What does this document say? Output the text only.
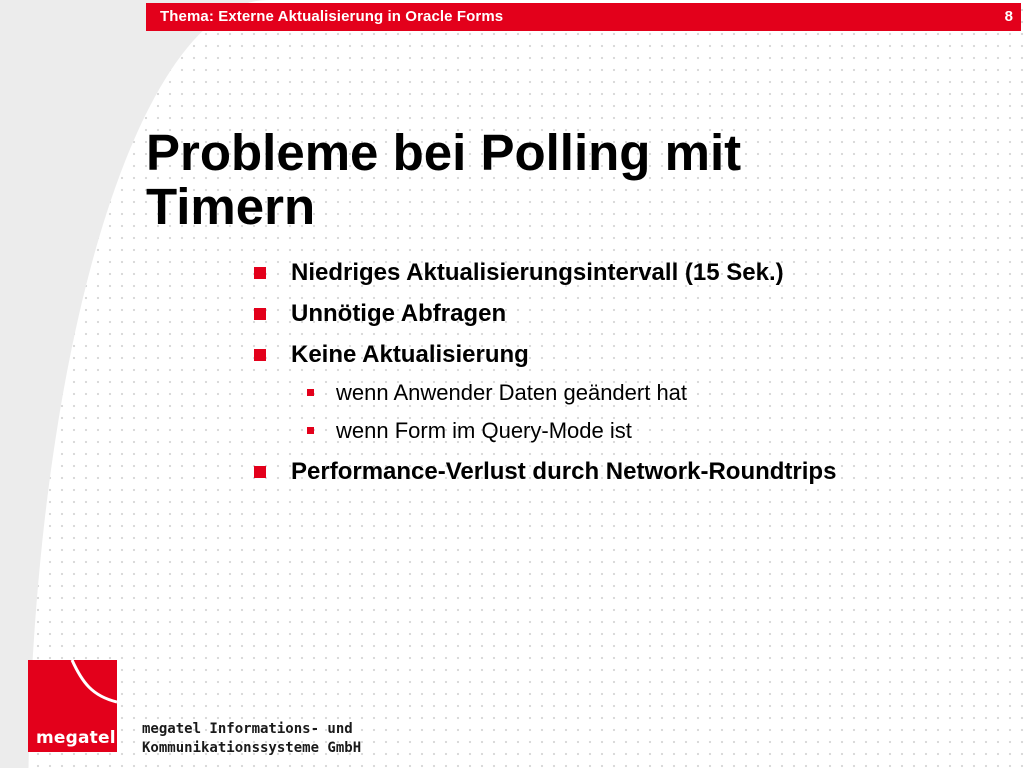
Thema: Externe Aktualisierung in Oracle Forms	8
Probleme bei Polling mit
Timern
Niedriges Aktualisierungsintervall (15 Sek.)
Unnötige Abfragen
Keine Aktualisierung
wenn Anwender Daten geändert hat
wenn Form im Query-Mode ist
Performance-Verlust durch Network-Roundtrips
megatel megatel Informations- und
Kommunikationssysteme GmbH
